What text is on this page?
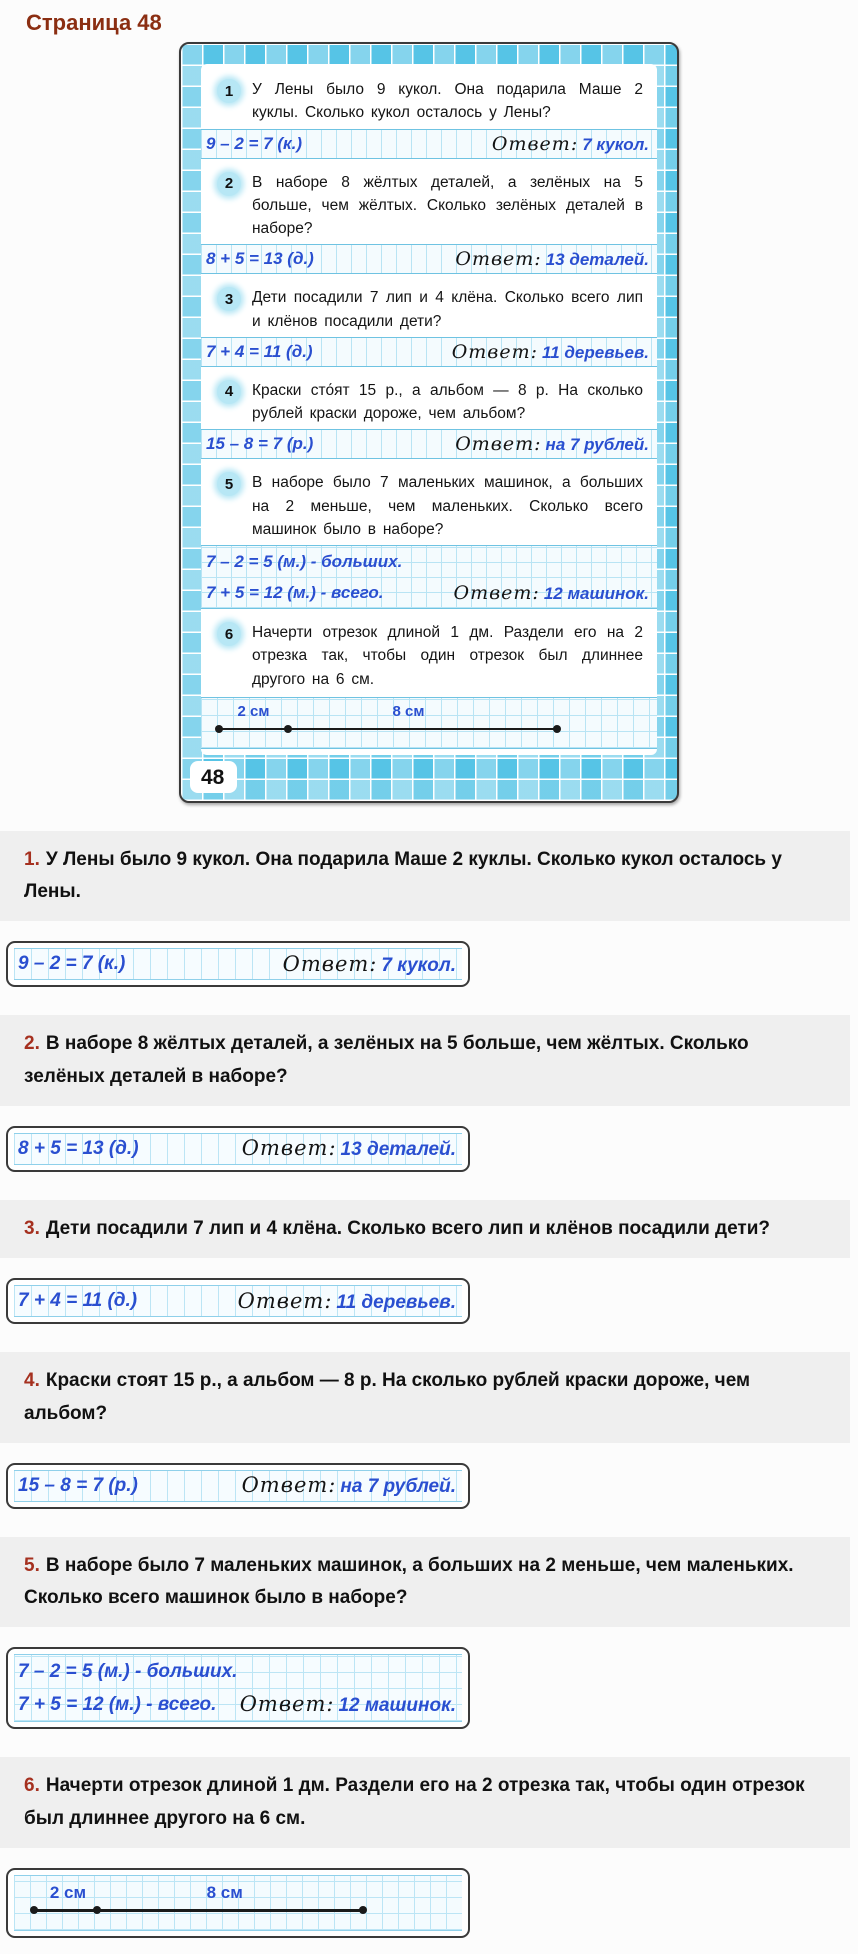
Страница 48
1	У Лены было 9 кукол. Она подарила Маше 2 куклы. Сколько кукол осталось у Лены?
9 – 2 = 7 (к.)	Ответ: 7 кукол.
2	В наборе 8 жёлтых деталей, а зелёных на 5 больше, чем жёлтых. Сколько зелёных деталей в наборе?
8 + 5 = 13 (д.)	Ответ: 13 деталей.
3	Дети посадили 7 лип и 4 клёна. Сколько всего лип и клёнов посадили дети?
7 + 4 = 11 (д.)	Ответ: 11 деревьев.
4	Краски сто́ят 15 р., а альбом — 8 р. На сколько рублей краски дороже, чем альбом?
15 – 8 = 7 (р.)	Ответ: на 7 рублей.
5	В наборе было 7 маленьких машинок, а больших на 2 меньше, чем маленьких. Сколько всего машинок было в наборе?
7 – 2 = 5 (м.) - больших.
7 + 5 = 12 (м.) - всего.	Ответ: 12 машинок.
6	Начерти отрезок длиной 1 дм. Раздели его на 2 отрезка так, чтобы один отрезок был длиннее другого на 6 см.
2 см	8 см
48
1. У Лены было 9 кукол. Она подарила Маше 2 куклы. Сколько кукол осталось у Лены.
9 – 2 = 7 (к.)	Ответ: 7 кукол.
2. В наборе 8 жёлтых деталей, а зелёных на 5 больше, чем жёлтых. Сколько зелёных деталей в наборе?
8 + 5 = 13 (д.)	Ответ: 13 деталей.
3. Дети посадили 7 лип и 4 клёна. Сколько всего лип и клёнов посадили дети?
7 + 4 = 11 (д.)	Ответ: 11 деревьев.
4. Краски стоят 15 р., а альбом — 8 р. На сколько рублей краски дороже, чем альбом?
15 – 8 = 7 (р.)	Ответ: на 7 рублей.
5. В наборе было 7 маленьких машинок, а больших на 2 меньше, чем маленьких. Сколько всего машинок было в наборе?
7 – 2 = 5 (м.) - больших.
7 + 5 = 12 (м.) - всего. Ответ: 12 машинок.
6. Начерти отрезок длиной 1 дм. Раздели его на 2 отрезка так, чтобы один отрезок был длиннее другого на 6 см.
2 см	8 см
